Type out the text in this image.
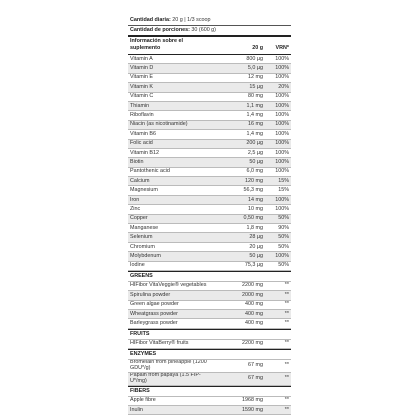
Cantidad diaria: 20 g | 1/3 scoop
Cantidad de porciones: 30 (600 g)
Información sobre el suplemento	20 g	VRN*
Vitamin A	800 µg	100%
Vitamin D	5,0 µg	100%
Vitamin E	12 mg	100%
Vitamin K	15 µg	20%
Vitamin C	80 mg	100%
Thiamin	1,1 mg	100%
Riboflavin	1,4 mg	100%
Niacin (as nicotinamide)	16 mg	100%
Vitamin B6	1,4 mg	100%
Folic acid	200 µg	100%
Vitamin B12	2,5 µg	100%
Biotin	50 µg	100%
Pantothenic acid	6,0 mg	100%
Calcium	120 mg	15%
Magnesium	56,3 mg	15%
Iron	14 mg	100%
Zinc	10 mg	100%
Copper	0,50 mg	50%
Manganese	1,8 mg	90%
Selenium	28 µg	50%
Chromium	20 µg	50%
Molybdenum	50 µg	100%
Iodine	75,3 µg	50%
GREENS
HIFibor VitaVeggie® vegetables	2200 mg	**
Spirulina powder	2000 mg	**
Green algae powder	400 mg	**
Wheatgrass powder	400 mg	**
Barleygrass powder	400 mg	**
FRUITS
HIFibor VitaBerry® fruits	2200 mg	**
ENZYMES
Bromelain from pineapple (1200 GDU*/g)	67 mg	**
Papain from papaya (1.5 FIP-U*/mg)	67 mg	**
FIBERS
Apple fibre	1968 mg	**
Inulin	1590 mg	**
